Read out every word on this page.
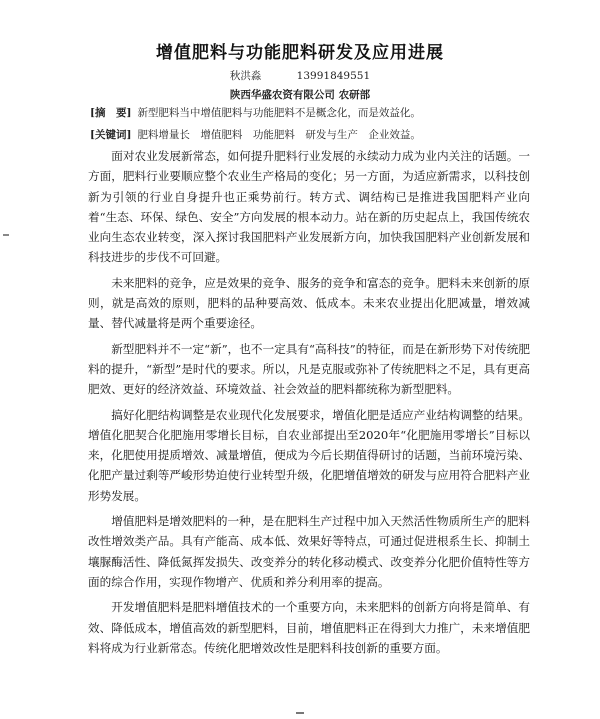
增值肥料与功能肥料研发及应用进展
秋洪淼	13991849551
陕西华盛农资有限公司 农研部
[摘　要] 新型肥料当中增值肥料与功能肥料不是概念化，而是效益化。
[关键词] 肥料增量长　增值肥料　功能肥料　研发与生产　企业效益。

面对农业发展新常态，如何提升肥料行业发展的永续动力成为业内关注的话题。一方面，肥料行业要顺应整个农业生产格局的变化；另一方面，为适应新需求，以科技创新为引领的行业自身提升也正乘势前行。转方式、调结构已是推进我国肥料产业向着“生态、环保、绿色、安全”方向发展的根本动力。站在新的历史起点上，我国传统农业向生态农业转变，深入探讨我国肥料产业发展新方向，加快我国肥料产业创新发展和科技进步的步伐不可回避。

未来肥料的竞争，应是效果的竞争、服务的竞争和富态的竞争。肥料未来创新的原则，就是高效的原则，肥料的品种要高效、低成本。未来农业提出化肥减量，增效减量、替代减量将是两个重要途径。

新型肥料并不一定“新”，也不一定具有“高科技”的特征，而是在新形势下对传统肥料的提升，“新型”是时代的要求。所以，凡是克服或弥补了传统肥料之不足，具有更高肥效、更好的经济效益、环境效益、社会效益的肥料都统称为新型肥料。

搞好化肥结构调整是农业现代化发展要求，增值化肥是适应产业结构调整的结果。增值化肥契合化肥施用零增长目标，自农业部提出至2020年“化肥施用零增长”目标以来，化肥使用提质增效、减量增值，便成为今后长期值得研讨的话题，当前环境污染、化肥产量过剩等严峻形势迫使行业转型升级，化肥增值增效的研发与应用符合肥料产业形势发展。

增值肥料是增效肥料的一种，是在肥料生产过程中加入天然活性物质所生产的肥料改性增效类产品。具有产能高、成本低、效果好等特点，可通过促进根系生长、抑制土壤脲酶活性、降低氮挥发损失、改变养分的转化移动模式、改变养分化肥价值特性等方面的综合作用，实现作物增产、优质和养分利用率的提高。

开发增值肥料是肥料增值技术的一个重要方向，未来肥料的创新方向将是简单、有效、降低成本，增值高效的新型肥料，目前，增值肥料正在得到大力推广，未来增值肥料将成为行业新常态。传统化肥增效改性是肥料科技创新的重要方面。
